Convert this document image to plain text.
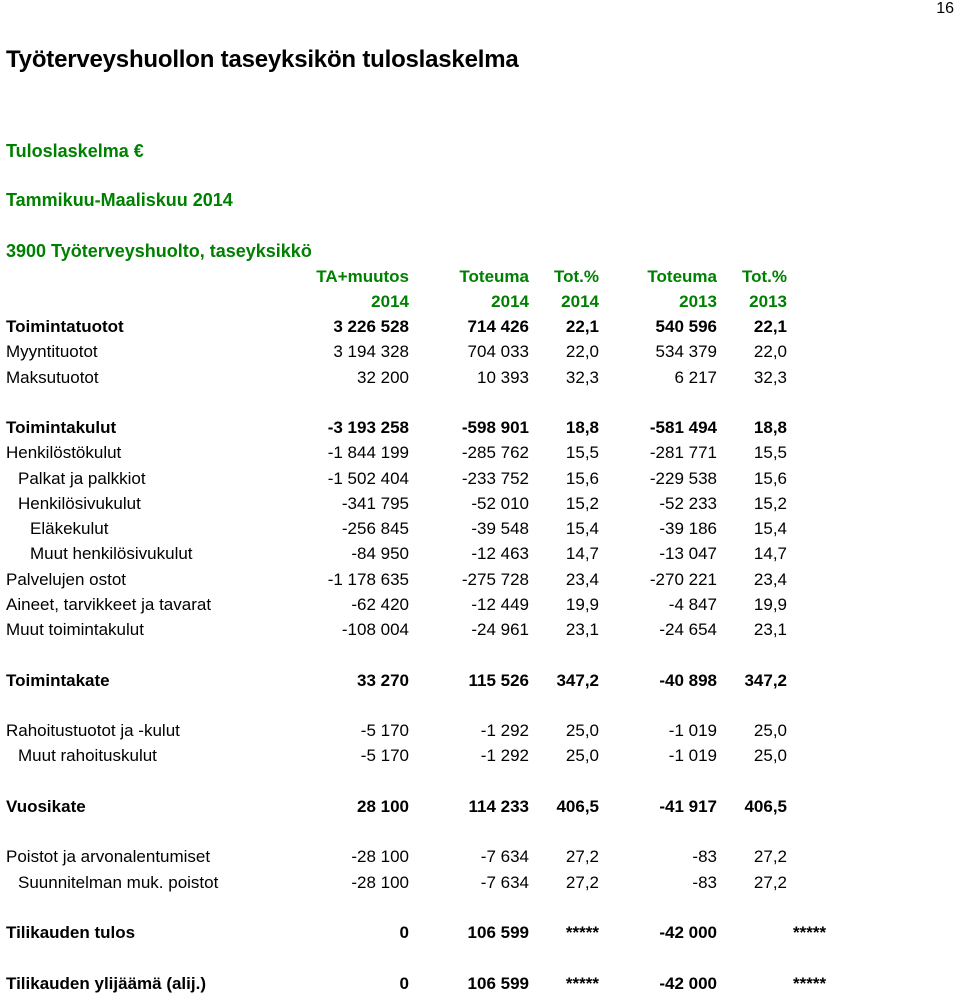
16
Työterveyshuollon taseyksikön tuloslaskelma
Tuloslaskelma €
Tammikuu-Maaliskuu 2014
3900 Työterveyshuolto, taseyksikkö
	TA+muutos	Toteuma	Tot.%	Toteuma	Tot.%	
	2014	2014	2014	2013	2013	
Toimintatuotot	3 226 528	714 426	22,1	540 596	22,1	
Myyntituotot	3 194 328	704 033	22,0	534 379	22,0	
Maksutuotot	32 200	10 393	32,3	6 217	32,3	

Toimintakulut	-3 193 258	-598 901	18,8	-581 494	18,8	
Henkilöstökulut	-1 844 199	-285 762	15,5	-281 771	15,5	
Palkat ja palkkiot	-1 502 404	-233 752	15,6	-229 538	15,6	
Henkilösivukulut	-341 795	-52 010	15,2	-52 233	15,2	
Eläkekulut	-256 845	-39 548	15,4	-39 186	15,4	
Muut henkilösivukulut	-84 950	-12 463	14,7	-13 047	14,7	
Palvelujen ostot	-1 178 635	-275 728	23,4	-270 221	23,4	
Aineet, tarvikkeet ja tavarat	-62 420	-12 449	19,9	-4 847	19,9	
Muut toimintakulut	-108 004	-24 961	23,1	-24 654	23,1	

Toimintakate	33 270	115 526	347,2	-40 898	347,2	

Rahoitustuotot ja -kulut	-5 170	-1 292	25,0	-1 019	25,0	
Muut rahoituskulut	-5 170	-1 292	25,0	-1 019	25,0	

Vuosikate	28 100	114 233	406,5	-41 917	406,5	

Poistot ja arvonalentumiset	-28 100	-7 634	27,2	-83	27,2	
Suunnitelman muk. poistot	-28 100	-7 634	27,2	-83	27,2	

Tilikauden tulos	0	106 599	*****	-42 000		*****

Tilikauden ylijäämä (alij.)	0	106 599	*****	-42 000		*****
